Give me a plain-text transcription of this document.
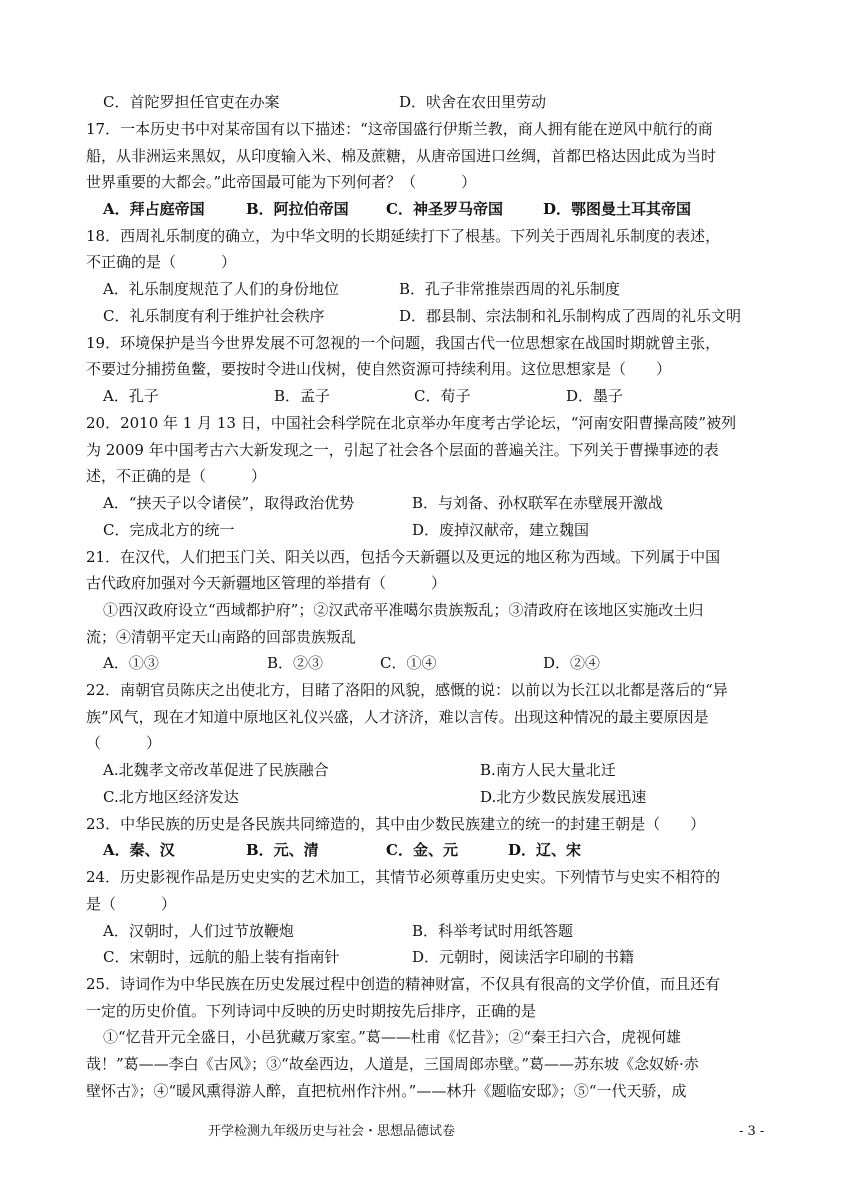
C．首陀罗担任官吏在办案	D．吠舍在农田里劳动
17．一本历史书中对某帝国有以下描述：“这帝国盛行伊斯兰教，商人拥有能在逆风中航行的商
船，从非洲运来黑奴，从印度输入米、棉及蔗糖，从唐帝国进口丝绸，首都巴格达因此成为当时
世界重要的大都会。”此帝国最可能为下列何者？（　　　）
A．拜占庭帝国	B．阿拉伯帝国 C．神圣罗马帝国	D．鄂图曼土耳其帝国
18．西周礼乐制度的确立，为中华文明的长期延续打下了根基。下列关于西周礼乐制度的表述，
不正确的是（　　　）
A．礼乐制度规范了人们的身份地位	B．孔子非常推崇西周的礼乐制度
C．礼乐制度有利于维护社会秩序	D．郡县制、宗法制和礼乐制构成了西周的礼乐文明
19．环境保护是当今世界发展不可忽视的一个问题，我国古代一位思想家在战国时期就曾主张，
不要过分捕捞鱼鳖，要按时令进山伐树，使自然资源可持续利用。这位思想家是（　　）
A．孔子	B．孟子	C．荀子	D．墨子
20．2010 年 1 月 13 日，中国社会科学院在北京举办年度考古学论坛，“河南安阳曹操高陵”被列
为 2009 年中国考古六大新发现之一，引起了社会各个层面的普遍关注。下列关于曹操事迹的表
述，不正确的是（　　　）
A．“挟天子以令诸侯”，取得政治优势	B．与刘备、孙权联军在赤壁展开激战
C．完成北方的统一	D．废掉汉献帝，建立魏国
21．在汉代，人们把玉门关、阳关以西，包括今天新疆以及更远的地区称为西域。下列属于中国
古代政府加强对今天新疆地区管理的举措有（　　　）
①西汉政府设立“西域都护府”；②汉武帝平准噶尔贵族叛乱；③清政府在该地区实施改土归
流；④清朝平定天山南路的回部贵族叛乱
A．①③	B．②③	C．①④	D．②④
22．南朝官员陈庆之出使北方，目睹了洛阳的风貌，感慨的说：以前以为长江以北都是落后的“异
族”风气，现在才知道中原地区礼仪兴盛，人才济济，难以言传。出现这种情况的最主要原因是
（　　　）
A.北魏孝文帝改革促进了民族融合	B.南方人民大量北迁
C.北方地区经济发达	D.北方少数民族发展迅速
23．中华民族的历史是各民族共同缔造的，其中由少数民族建立的统一的封建王朝是（　　）
A．秦、汉	B．元、清	C．金、元	D．辽、宋
24．历史影视作品是历史史实的艺术加工，其情节必须尊重历史史实。下列情节与史实不相符的
是（　　　）
A．汉朝时，人们过节放鞭炮	B．科举考试时用纸答题
C．宋朝时，远航的船上装有指南针	D．元朝时，阅读活字印刷的书籍
25．诗词作为中华民族在历史发展过程中创造的精神财富，不仅具有很高的文学价值，而且还有
一定的历史价值。下列诗词中反映的历史时期按先后排序，正确的是
①“忆昔开元全盛日，小邑犹藏万家室。”葛——杜甫《忆昔》；②“秦王扫六合，虎视何雄
哉！”葛——李白《古风》；③“故垒西边，人道是，三国周郎赤壁。”葛——苏东坡《念奴娇·赤
壁怀古》；④“暖风熏得游人醉，直把杭州作汴州。”——林升《题临安邸》；⑤“一代天骄，成
开学检测九年级历史与社会・思想品德试卷	- 3 -
